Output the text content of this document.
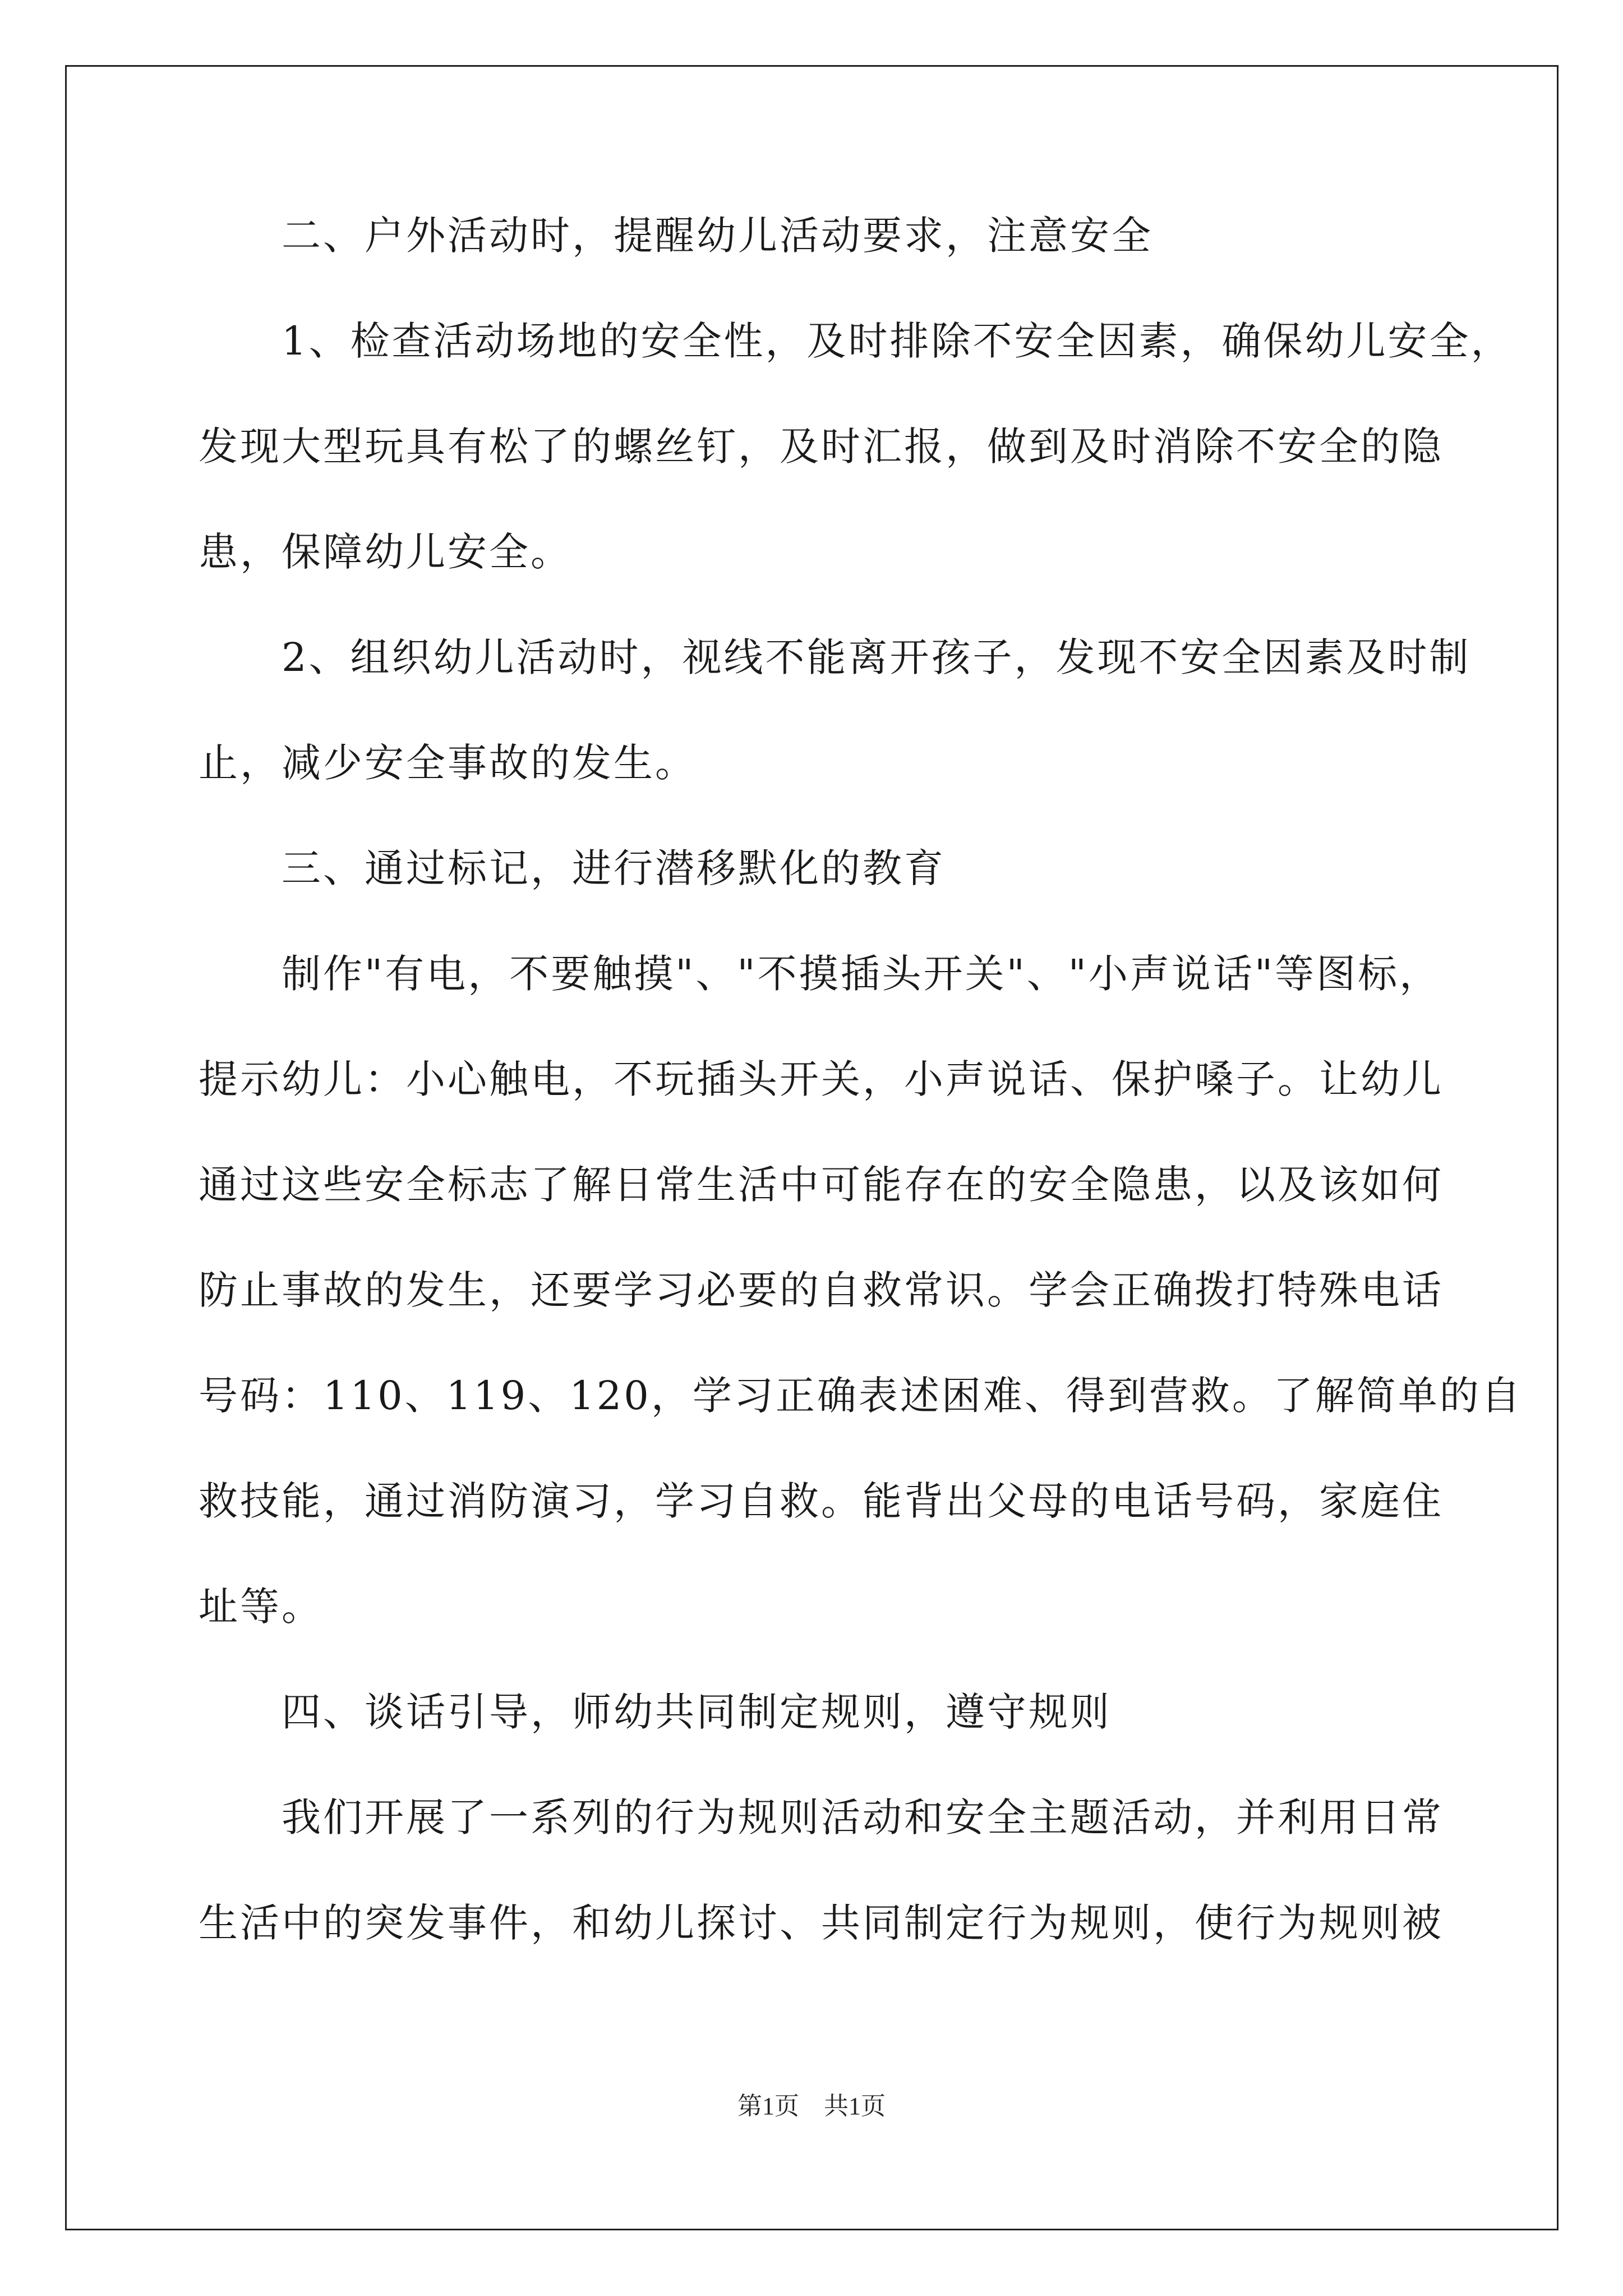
二、户外活动时，提醒幼儿活动要求，注意安全
1、检查活动场地的安全性，及时排除不安全因素，确保幼儿安全，
发现大型玩具有松了的螺丝钉，及时汇报，做到及时消除不安全的隐
患，保障幼儿安全。
2、组织幼儿活动时，视线不能离开孩子，发现不安全因素及时制
止，减少安全事故的发生。
三、通过标记，进行潜移默化的教育
制作"有电，不要触摸"、"不摸插头开关"、"小声说话"等图标，
提示幼儿：小心触电，不玩插头开关，小声说话、保护嗓子。让幼儿
通过这些安全标志了解日常生活中可能存在的安全隐患，以及该如何
防止事故的发生，还要学习必要的自救常识。学会正确拨打特殊电话
号码：110、119、120，学习正确表述困难、得到营救。了解简单的自
救技能，通过消防演习，学习自救。能背出父母的电话号码，家庭住
址等。
四、谈话引导，师幼共同制定规则，遵守规则
我们开展了一系列的行为规则活动和安全主题活动，并利用日常
生活中的突发事件，和幼儿探讨、共同制定行为规则，使行为规则被
第1页　共1页
